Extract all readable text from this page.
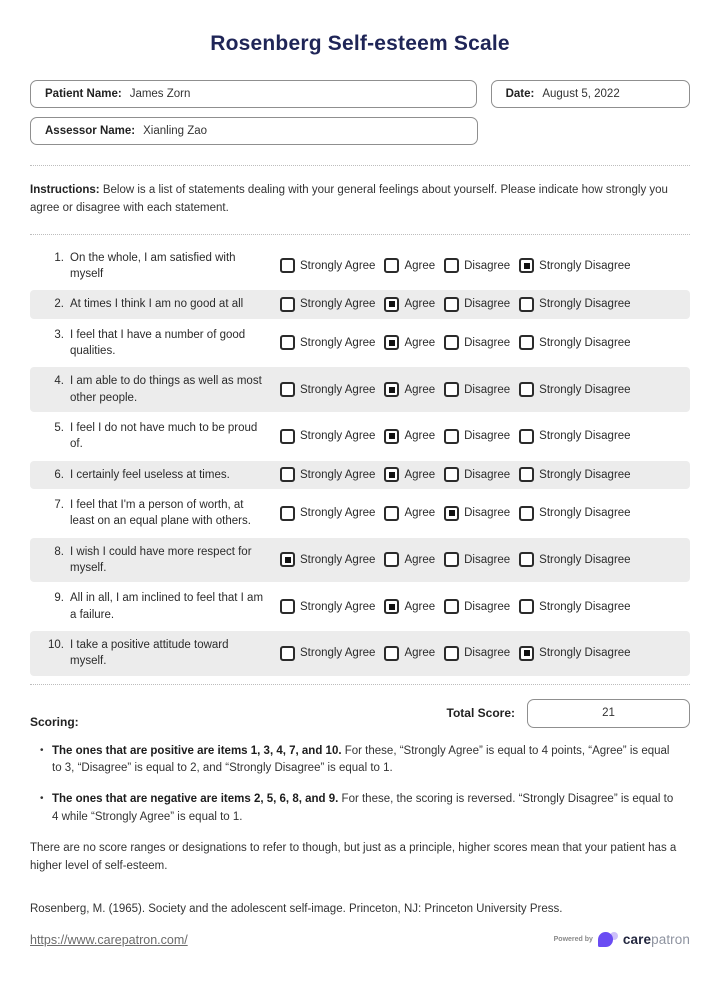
Rosenberg Self-esteem Scale
Patient Name: James Zorn	Date: August 5, 2022
Assessor Name: Xianling Zao

Instructions: Below is a list of statements dealing with your general feelings about yourself. Please indicate how strongly you agree or disagree with each statement.

1. On the whole, I am satisfied with myself
Strongly Agree	Agree	Disagree	Strongly Disagree
2. At times I think I am no good at all	Strongly Agree	Agree	Disagree	Strongly Disagree
3. I feel that I have a number of good qualities.
Strongly Agree	Agree	Disagree	Strongly Disagree
4. I am able to do things as well as most other people.
Strongly Agree	Agree	Disagree	Strongly Disagree
5. I feel I do not have much to be proud of.
Strongly Agree	Agree	Disagree	Strongly Disagree
6. I certainly feel useless at times.	Strongly Agree	Agree	Disagree	Strongly Disagree
7. I feel that I'm a person of worth, at least on an equal plane with others.
Strongly Agree	Agree	Disagree	Strongly Disagree
8. I wish I could have more respect for myself.
Strongly Agree	Agree	Disagree	Strongly Disagree
9. All in all, I am inclined to feel that I am a failure.
Strongly Agree	Agree	Disagree	Strongly Disagree
10. I take a positive attitude toward myself.
Strongly Agree	Agree	Disagree	Strongly Disagree
Scoring:
Total Score:	21
• The ones that are positive are items 1, 3, 4, 7, and 10. For these, “Strongly Agree” is equal to 4 points, “Agree” is equal to 3, “Disagree” is equal to 2, and “Strongly Disagree” is equal to 1.
• The ones that are negative are items 2, 5, 6, 8, and 9. For these, the scoring is reversed. “Strongly Disagree” is equal to 4 while “Strongly Agree” is equal to 1.

There are no score ranges or designations to refer to though, but just as a principle, higher scores mean that your patient has a higher level of self-esteem.

Rosenberg, M. (1965). Society and the adolescent self-image. Princeton, NJ: Princeton University Press.

https://www.carepatron.com/	Powered by carepatron
